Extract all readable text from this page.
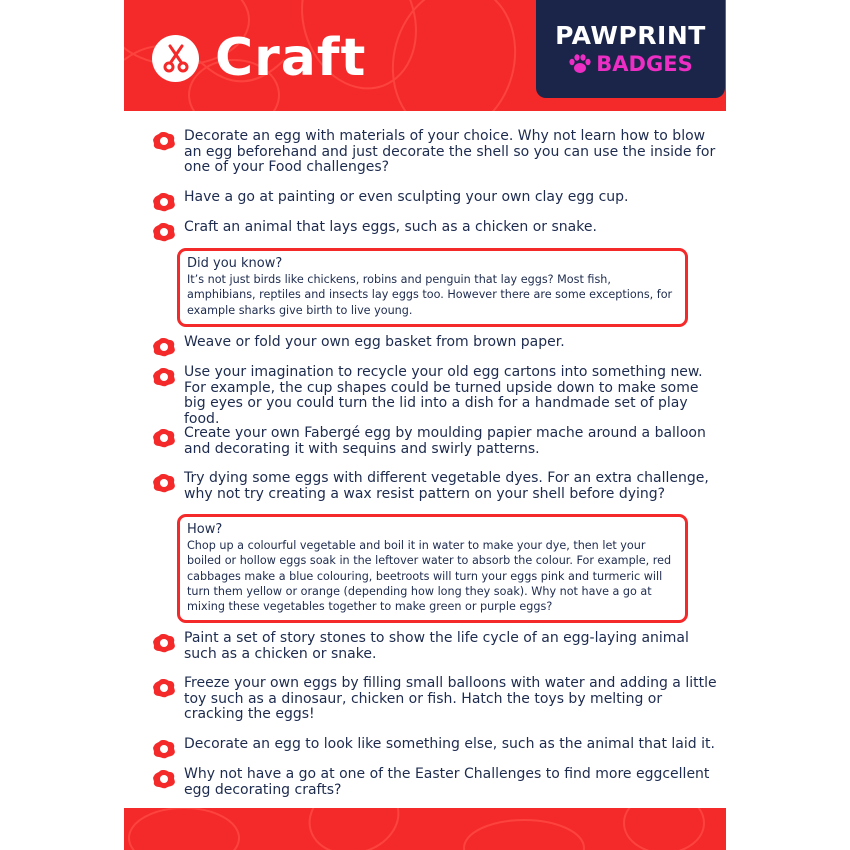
Craft	PAWPRINT
BADGES
Decorate an egg with materials of your choice. Why not learn how to blow an egg beforehand and just decorate the shell so you can use the inside for one of your Food challenges?
Have a go at painting or even sculpting your own clay egg cup.
Craft an animal that lays eggs, such as a chicken or snake.
Did you know?
It’s not just birds like chickens, robins and penguin that lay eggs? Most fish, amphibians, reptiles and insects lay eggs too. However there are some exceptions, for example sharks give birth to live young.
Weave or fold your own egg basket from brown paper.
Use your imagination to recycle your old egg cartons into something new. For example, the cup shapes could be turned upside down to make some big eyes or you could turn the lid into a dish for a handmade set of play food.
Create your own Fabergé egg by moulding papier mache around a balloon and decorating it with sequins and swirly patterns.
Try dying some eggs with different vegetable dyes. For an extra challenge, why not try creating a wax resist pattern on your shell before dying?
How?
Chop up a colourful vegetable and boil it in water to make your dye, then let your boiled or hollow eggs soak in the leftover water to absorb the colour. For example, red cabbages make a blue colouring, beetroots will turn your eggs pink and turmeric will turn them yellow or orange (depending how long they soak). Why not have a go at mixing these vegetables together to make green or purple eggs?
Paint a set of story stones to show the life cycle of an egg-laying animal such as a chicken or snake.
Freeze your own eggs by filling small balloons with water and adding a little toy such as a dinosaur, chicken or fish. Hatch the toys by melting or cracking the eggs!
Decorate an egg to look like something else, such as the animal that laid it.
Why not have a go at one of the Easter Challenges to find more eggcellent egg decorating crafts?
